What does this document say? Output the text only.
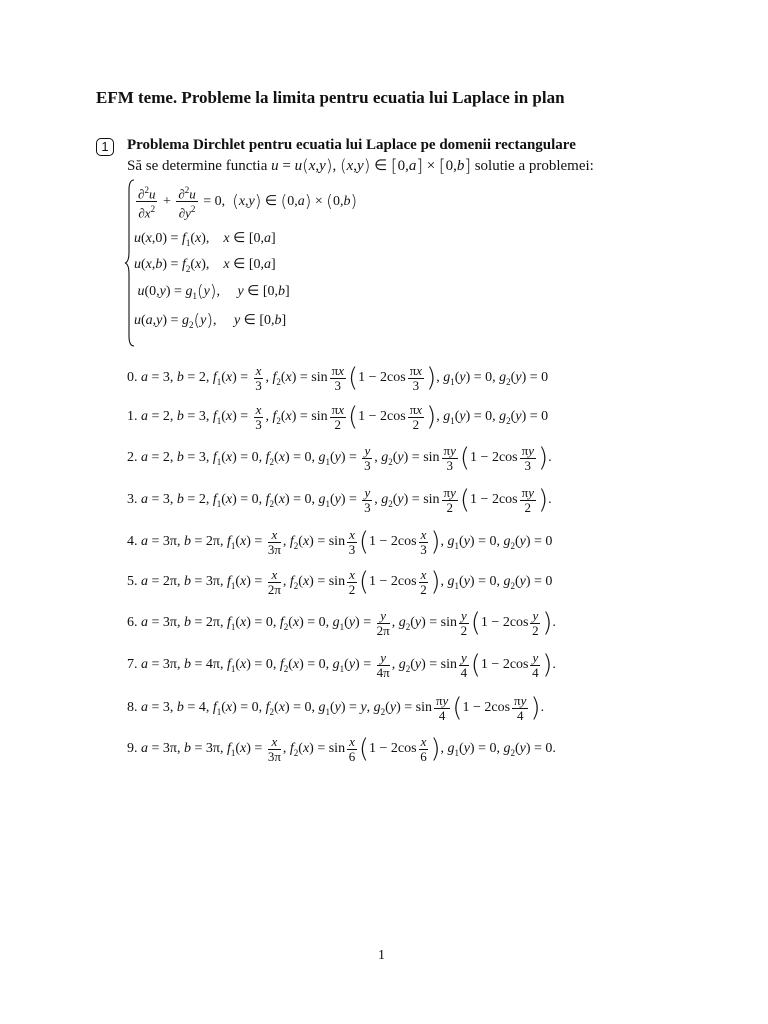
EFM teme. Probleme la limita pentru ecuatia lui Laplace in plan
1	Problema Dirchlet pentru ecuatia lui Laplace pe domenii rectangulare
Să se determine functia u = u(x,y), (x,y) ∈ [0,a] × [0,b] solutie a problemei:
$\frac{\partial^2u}{\partial x^2} + \frac{\partial^2u}{\partial y^2} = 0$,  (x,y) ∈ (0,a) × (0,b)
$u(x,0) = f_1(x)$,    x ∈ [0,a]
$u(x,b) = f_2(x)$,    x ∈ [0,a]
$u(0,y) = g_1(y)$,     y ∈ [0,b]
$u(a,y) = g_2(y)$,     y ∈ [0,b]
0. a = 3, b = 2, $f_1(x) = \frac{x}{3}$ , $f_2(x) = \sin \frac{\pi x}{3} (1 - 2\cos \frac{\pi x}{3}$ ), $g_1(y) = 0$, $g_2(y) = 0$
1. a = 2, b = 3, $f_1(x) = \frac{x}{3}$ , $f_2(x) = \sin \frac{\pi x}{2} (1 - 2\cos \frac{\pi x}{2}$ ), $g_1(y) = 0$, $g_2(y) = 0$
2. a = 2, b = 3, $f_1(x) = 0$, $f_2(x) = 0$, $g_1(y) = \frac{y}{3}$ , $g_2(y) = \sin \frac{\pi y}{3} (1 - 2\cos \frac{\pi y}{3}$ ).
3. a = 3, b = 2, $f_1(x) = 0$, $f_2(x) = 0$, $g_1(y) = \frac{y}{3}$ , $g_2(y) = \sin \frac{\pi y}{2} (1 - 2\cos \frac{\pi y}{2}$ ).
4. a = 3π, b = 2π, $f_1(x) = \frac{x}{3\pi}$ , $f_2(x) = \sin \frac{x}{3} (1 - 2\cos \frac{x}{3}$ ), $g_1(y) = 0$, $g_2(y) = 0$
5. a = 2π, b = 3π, $f_1(x) = \frac{x}{2\pi}$ , $f_2(x) = \sin \frac{x}{2} (1 - 2\cos \frac{x}{2}$ ), $g_1(y) = 0$, $g_2(y) = 0$
6. a = 3π, b = 2π, $f_1(x) = 0$, $f_2(x) = 0$, $g_1(y) = \frac{y}{2\pi}$ , $g_2(y) = \sin \frac{y}{2} (1 - 2\cos \frac{y}{2}$ ).
7. a = 3π, b = 4π, $f_1(x) = 0$, $f_2(x) = 0$, $g_1(y) = \frac{y}{4\pi}$ , $g_2(y) = \sin \frac{y}{4} (1 - 2\cos \frac{y}{4}$ ).
8. a = 3, b = 4, $f_1(x) = 0$, $f_2(x) = 0$, $g_1(y) = y$, $g_2(y) = \sin \frac{\pi y}{4} (1 - 2\cos \frac{\pi y}{4}$ ).
9. a = 3π, b = 3π, $f_1(x) = \frac{x}{3\pi}$ , $f_2(x) = \sin \frac{x}{6} (1 - 2\cos \frac{x}{6}$ ), $g_1(y) = 0$, $g_2(y) = 0$.
1
